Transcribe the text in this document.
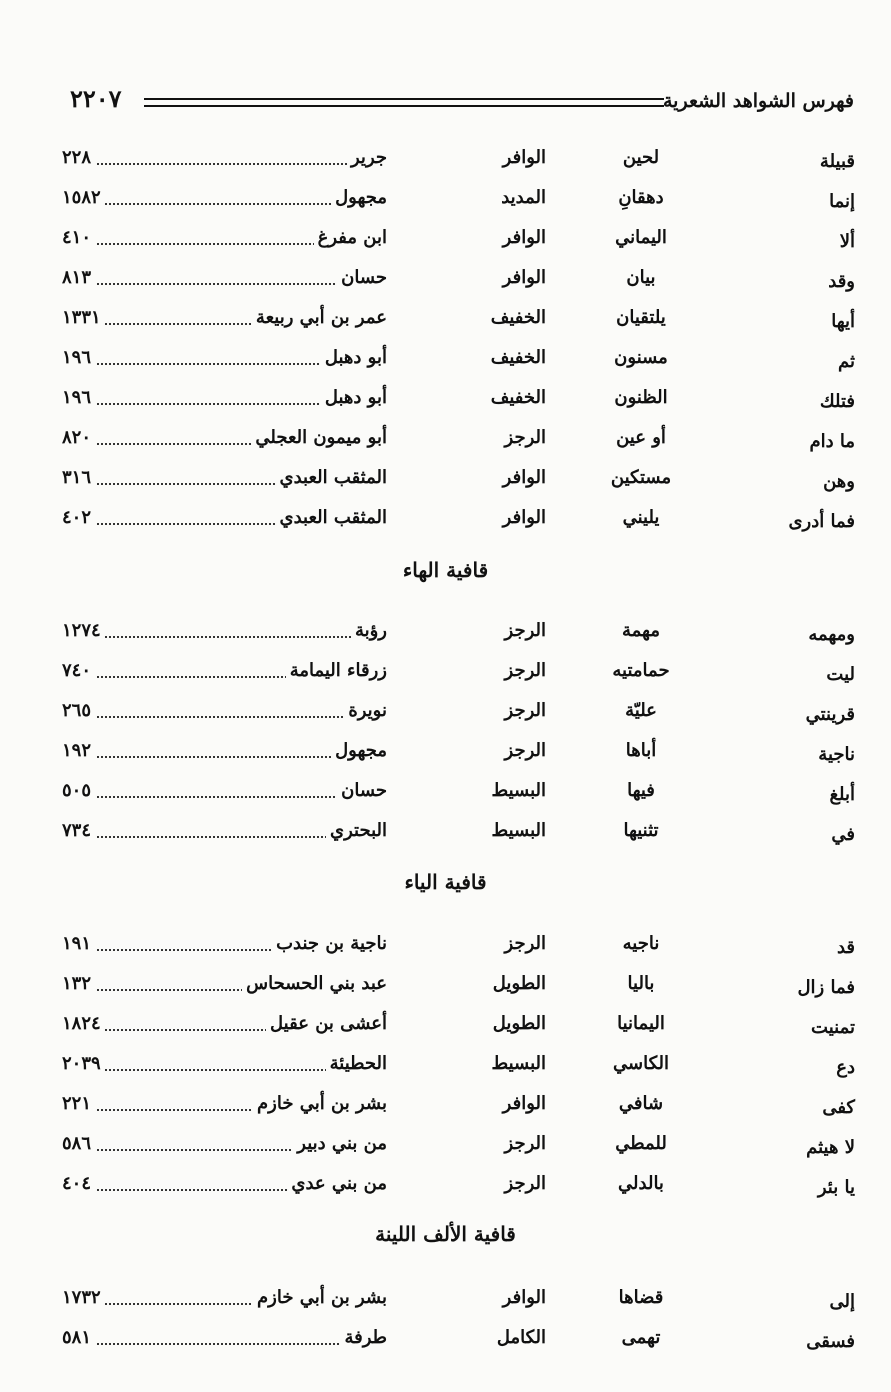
فهرس الشواهد الشعرية
٢٢٠٧
قبيلة
لحين
الوافر
جرير
٢٢٨
إنما
دهقانِ
المديد
مجهول
١٥٨٢
ألا
اليماني
الوافر
ابن مفرغ
٤١٠
وقد
بيان
الوافر
حسان
٨١٣
أيها
يلتقيان
الخفيف
عمر بن أبي ربيعة
١٣٣١
ثم
مسنون
الخفيف
أبو دهبل
١٩٦
فتلك
الظنون
الخفيف
أبو دهبل
١٩٦
ما دام
أو عين
الرجز
أبو ميمون العجلي
٨٢٠
وهن
مستكين
الوافر
المثقب العبدي
٣١٦
فما أدرى
يليني
الوافر
المثقب العبدي
٤٠٢
قافية الهاء
ومهمه
مهمة
الرجز
رؤبة
١٢٧٤
ليت
حمامتيه
الرجز
زرقاء اليمامة
٧٤٠
قرينتي
عليّة
الرجز
نويرة
٢٦٥
ناجية
أباها
الرجز
مجهول
١٩٢
أبلغ
فيها
البسيط
حسان
٥٠٥
في
تثنيها
البسيط
البحتري
٧٣٤
قافية الياء
قد
ناجيه
الرجز
ناجية بن جندب
١٩١
فما زال
باليا
الطويل
عبد بني الحسحاس
١٣٢
تمنيت
اليمانيا
الطويل
أعشى بن عقيل
١٨٢٤
دع
الكاسي
البسيط
الحطيئة
٢٠٣٩
كفى
شافي
الوافر
بشر بن أبي خازم
٢٢١
لا هيثم
للمطي
الرجز
من بني دبير
٥٨٦
يا بئر
بالدلي
الرجز
من بني عدي
٤٠٤
قافية الألف اللينة
إلى
قضاها
الوافر
بشر بن أبي خازم
١٧٣٢
فسقى
تهمى
الكامل
طرفة
٥٨١
